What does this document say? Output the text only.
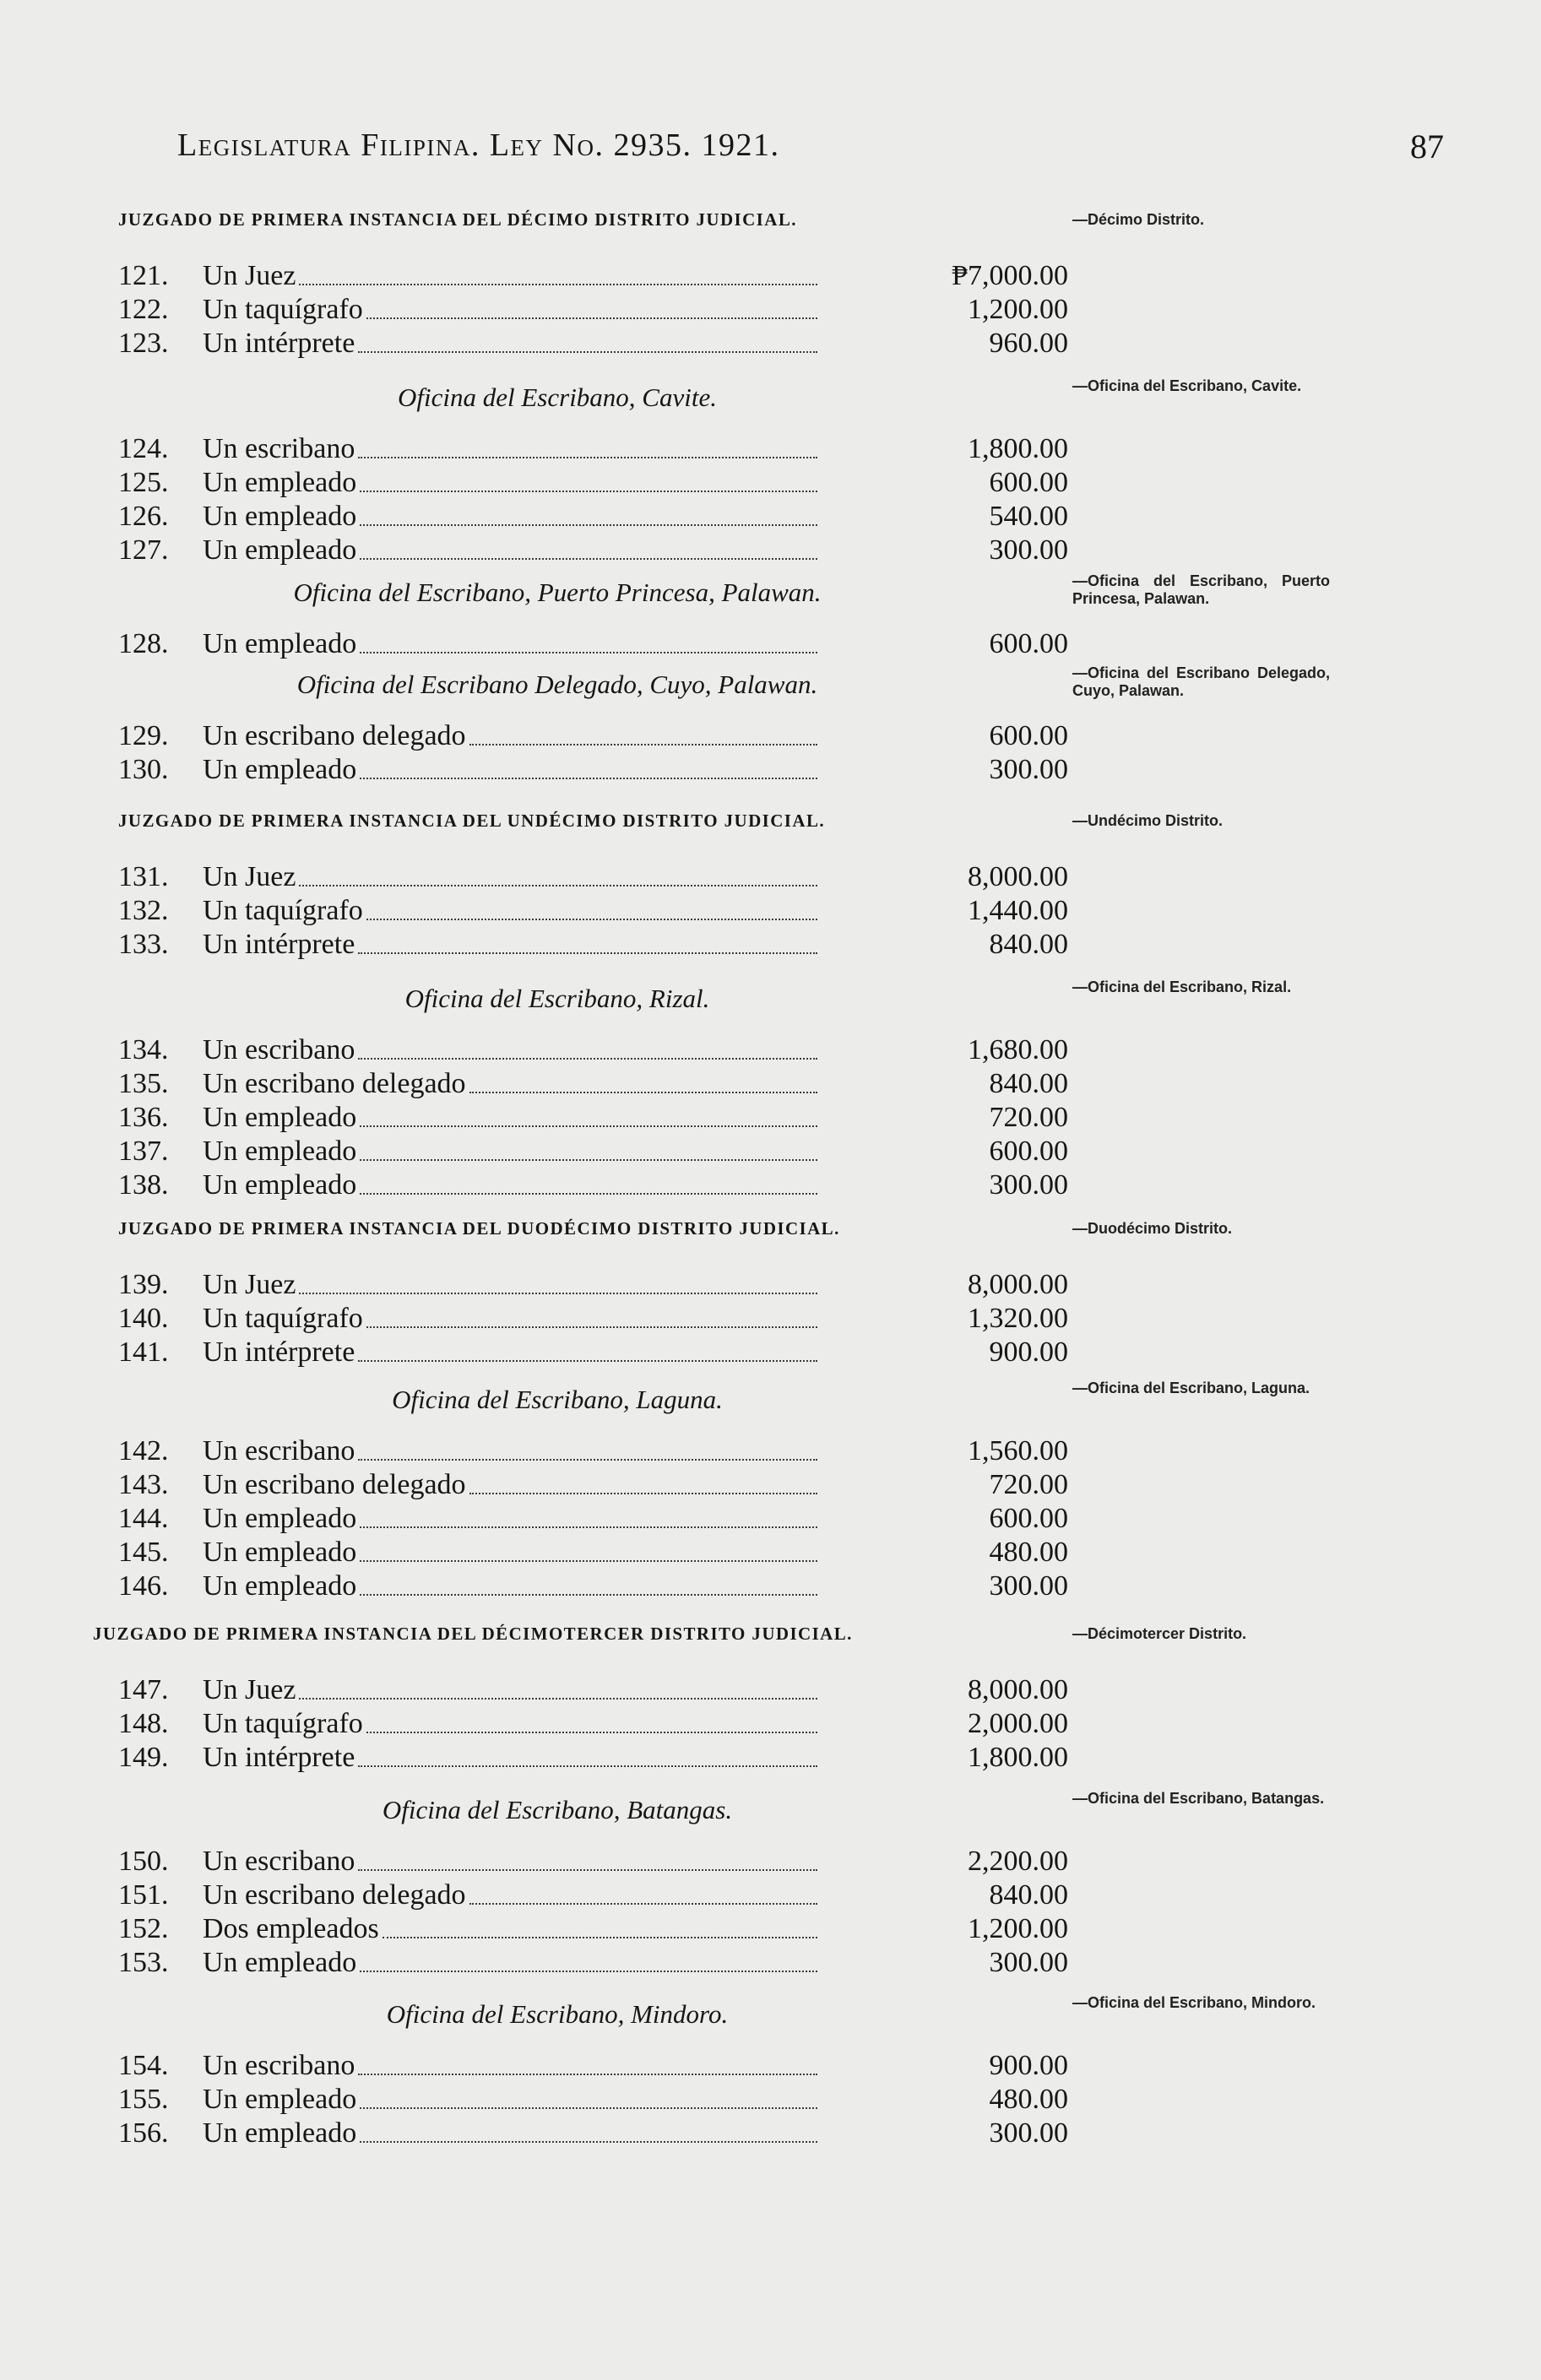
Legislatura Filipina. Ley No. 2935. 1921.	87
JUZGADO DE PRIMERA INSTANCIA DEL DÉCIMO DISTRITO JUDICIAL.	—Décimo Distrito.
121.	Un Juez	₱7,000.00
122.	Un taquígrafo	1,200.00
123.	Un intérprete	960.00
Oficina del Escribano, Cavite.	—Oficina del Escribano, Cavite.
124.	Un escribano	1,800.00
125.	Un empleado	600.00
126.	Un empleado	540.00
127.	Un empleado	300.00
Oficina del Escribano, Puerto Princesa, Palawan.	—Oficina del Escribano, Puerto Princesa, Palawan.
128.	Un empleado	600.00
Oficina del Escribano Delegado, Cuyo, Palawan.	—Oficina del Escribano Delegado, Cuyo, Palawan.
129.	Un escribano delegado	600.00
130.	Un empleado	300.00
JUZGADO DE PRIMERA INSTANCIA DEL UNDÉCIMO DISTRITO JUDICIAL.	—Undécimo Distrito.
131.	Un Juez	8,000.00
132.	Un taquígrafo	1,440.00
133.	Un intérprete	840.00
Oficina del Escribano, Rizal.	—Oficina del Escribano, Rizal.
134.	Un escribano	1,680.00
135.	Un escribano delegado	840.00
136.	Un empleado	720.00
137.	Un empleado	600.00
138.	Un empleado	300.00
JUZGADO DE PRIMERA INSTANCIA DEL DUODÉCIMO DISTRITO JUDICIAL.	—Duodécimo Distrito.
139.	Un Juez	8,000.00
140.	Un taquígrafo	1,320.00
141.	Un intérprete	900.00
Oficina del Escribano, Laguna.	—Oficina del Escribano, Laguna.
142.	Un escribano	1,560.00
143.	Un escribano delegado	720.00
144.	Un empleado	600.00
145.	Un empleado	480.00
146.	Un empleado	300.00
JUZGADO DE PRIMERA INSTANCIA DEL DÉCIMOTERCER DISTRITO JUDICIAL.	—Décimotercer Distrito.
147.	Un Juez	8,000.00
148.	Un taquígrafo	2,000.00
149.	Un intérprete	1,800.00
Oficina del Escribano, Batangas.	—Oficina del Escribano, Batangas.
150.	Un escribano	2,200.00
151.	Un escribano delegado	840.00
152.	Dos empleados	1,200.00
153.	Un empleado	300.00
Oficina del Escribano, Mindoro.	—Oficina del Escribano, Mindoro.
154.	Un escribano	900.00
155.	Un empleado	480.00
156.	Un empleado	300.00
